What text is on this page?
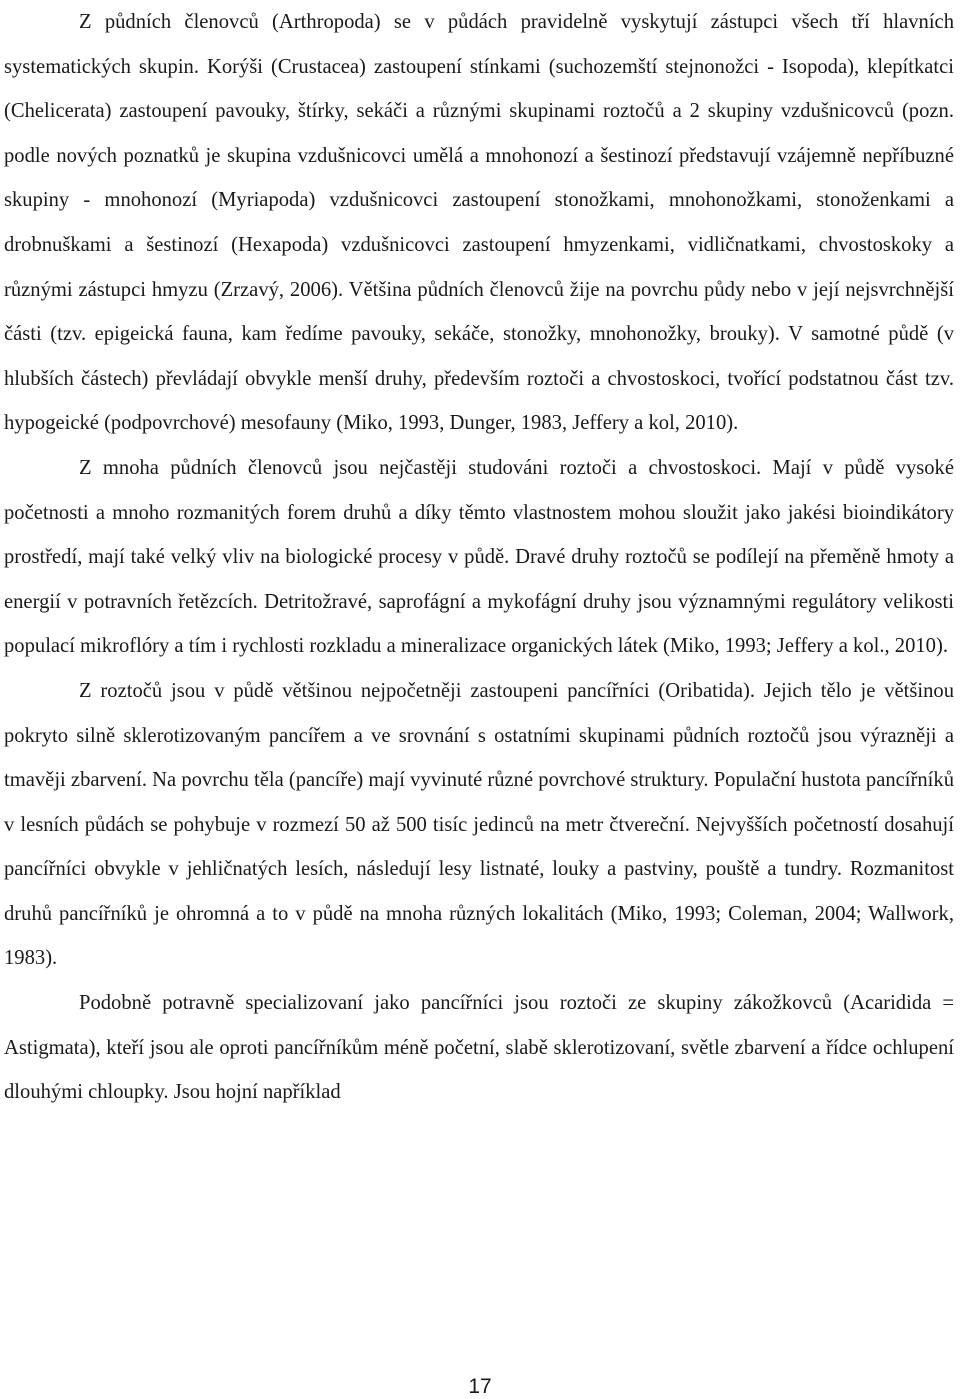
Z půdních členovců (Arthropoda) se v půdách pravidelně vyskytují zástupci všech tří hlavních systematických skupin. Korýši (Crustacea) zastoupení stínkami (suchozemští stejnonožci - Isopoda), klepítkatci (Chelicerata) zastoupení pavouky, štírky, sekáči a různými skupinami roztočů a 2 skupiny vzdušnicovců (pozn. podle nových poznatků je skupina vzdušnicovci umělá a mnohonozí a šestinozí představují vzájemně nepříbuzné skupiny - mnohonozí (Myriapoda) vzdušnicovci zastoupení stonožkami, mnohonožkami, stonoženkami a drobnuškami a šestinozí (Hexapoda) vzdušnicovci zastoupení hmyzenkami, vidličnatkami, chvostoskoky a různými zástupci hmyzu (Zrzavý, 2006). Většina půdních členovců žije na povrchu půdy nebo v její nejsvrchnější části (tzv. epigeická fauna, kam ředíme pavouky, sekáče, stonožky, mnohonožky, brouky). V samotné půdě (v hlubších částech) převládají obvykle menší druhy, především roztoči a chvostoskoci, tvořící podstatnou část tzv. hypogeické (podpovrchové) mesofauny (Miko, 1993, Dunger, 1983, Jeffery a kol, 2010).

Z mnoha půdních členovců jsou nejčastěji studováni roztoči a chvostoskoci. Mají v půdě vysoké početnosti a mnoho rozmanitých forem druhů a díky těmto vlastnostem mohou sloužit jako jakési bioindikátory prostředí, mají také velký vliv na biologické procesy v půdě. Dravé druhy roztočů se podílejí na přeměně hmoty a energií v potravních řetězcích. Detritožravé, saprofágní a mykofágní druhy jsou významnými regulátory velikosti populací mikroflóry a tím i rychlosti rozkladu a mineralizace organických látek (Miko, 1993; Jeffery a kol., 2010).

Z roztočů jsou v půdě většinou nejpočetněji zastoupeni pancířníci (Oribatida). Jejich tělo je většinou pokryto silně sklerotizovaným pancířem a ve srovnání s ostatními skupinami půdních roztočů jsou výrazněji a tmavěji zbarvení. Na povrchu těla (pancíře) mají vyvinuté různé povrchové struktury. Populační hustota pancířníků v lesních půdách se pohybuje v rozmezí 50 až 500 tisíc jedinců na metr čtvereční. Nejvyšších početností dosahují pancířníci obvykle v jehličnatých lesích, následují lesy listnaté, louky a pastviny, pouště a tundry. Rozmanitost druhů pancířníků je ohromná a to v půdě na mnoha různých lokalitách (Miko, 1993; Coleman, 2004; Wallwork, 1983).

Podobně potravně specializovaní jako pancířníci jsou roztoči ze skupiny zákožkovců (Acaridida = Astigmata), kteří jsou ale oproti pancířníkům méně početní, slabě sklerotizovaní, světle zbarvení a řídce ochlupení dlouhými chloupky. Jsou hojní například

17
